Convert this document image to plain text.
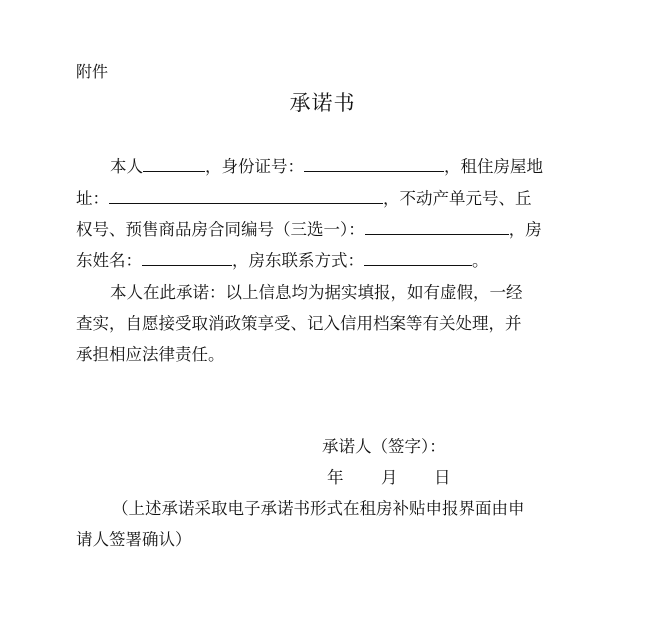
附件
承诺书
本人	，身份证号：	，租住房屋地
址：	，不动产单元号、丘
权号、预售商品房合同编号（三选一）：	，房
东姓名：	，房东联系方式：	。
本人在此承诺：以上信息均为据实填报，如有虚假，一经
查实，自愿接受取消政策享受、记入信用档案等有关处理，并
承担相应法律责任。
承诺人（签字）：
年 月 日
（上述承诺采取电子承诺书形式在租房补贴申报界面由申
请人签署确认）
